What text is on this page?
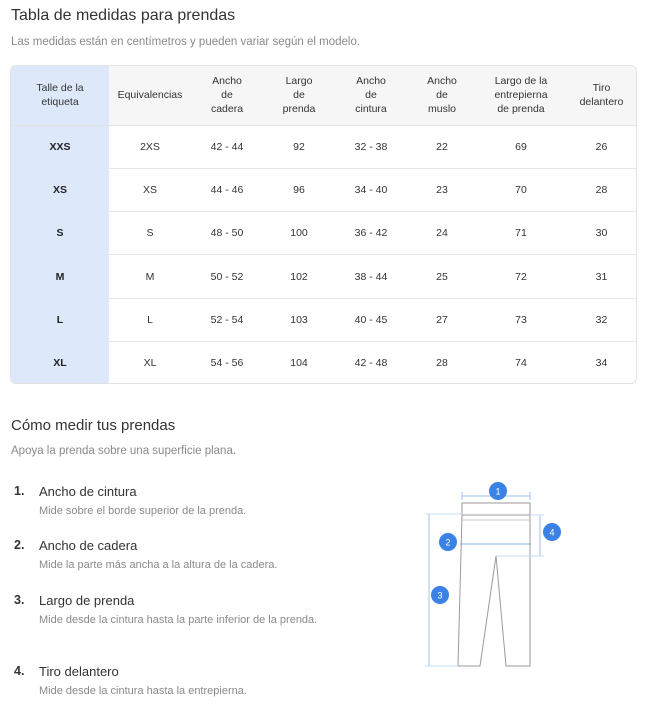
Tabla de medidas para prendas
Las medidas están en centímetros y pueden variar según el modelo.
Talle de la etiqueta	Equivalencias	Ancho de cadera	Largo de prenda	Ancho de cintura	Ancho de muslo	Largo de la entrepierna de prenda	Tiro delantero
XXS	2XS	42 - 44	92	32 - 38	22	69	26
XS	XS	44 - 46	96	34 - 40	23	70	28
S	S	48 - 50	100	36 - 42	24	71	30
M	M	50 - 52	102	38 - 44	25	72	31
L	L	52 - 54	103	40 - 45	27	73	32
XL	XL	54 - 56	104	42 - 48	28	74	34
Cómo medir tus prendas
Apoya la prenda sobre una superficie plana.
1. Ancho de cintura
Mide sobre el borde superior de la prenda.
2. Ancho de cadera
Mide la parte más ancha a la altura de la cadera.
3. Largo de prenda
Mide desde la cintura hasta la parte inferior de la prenda.
4. Tiro delantero
Mide desde la cintura hasta la entrepierna.
1
2
3
4
